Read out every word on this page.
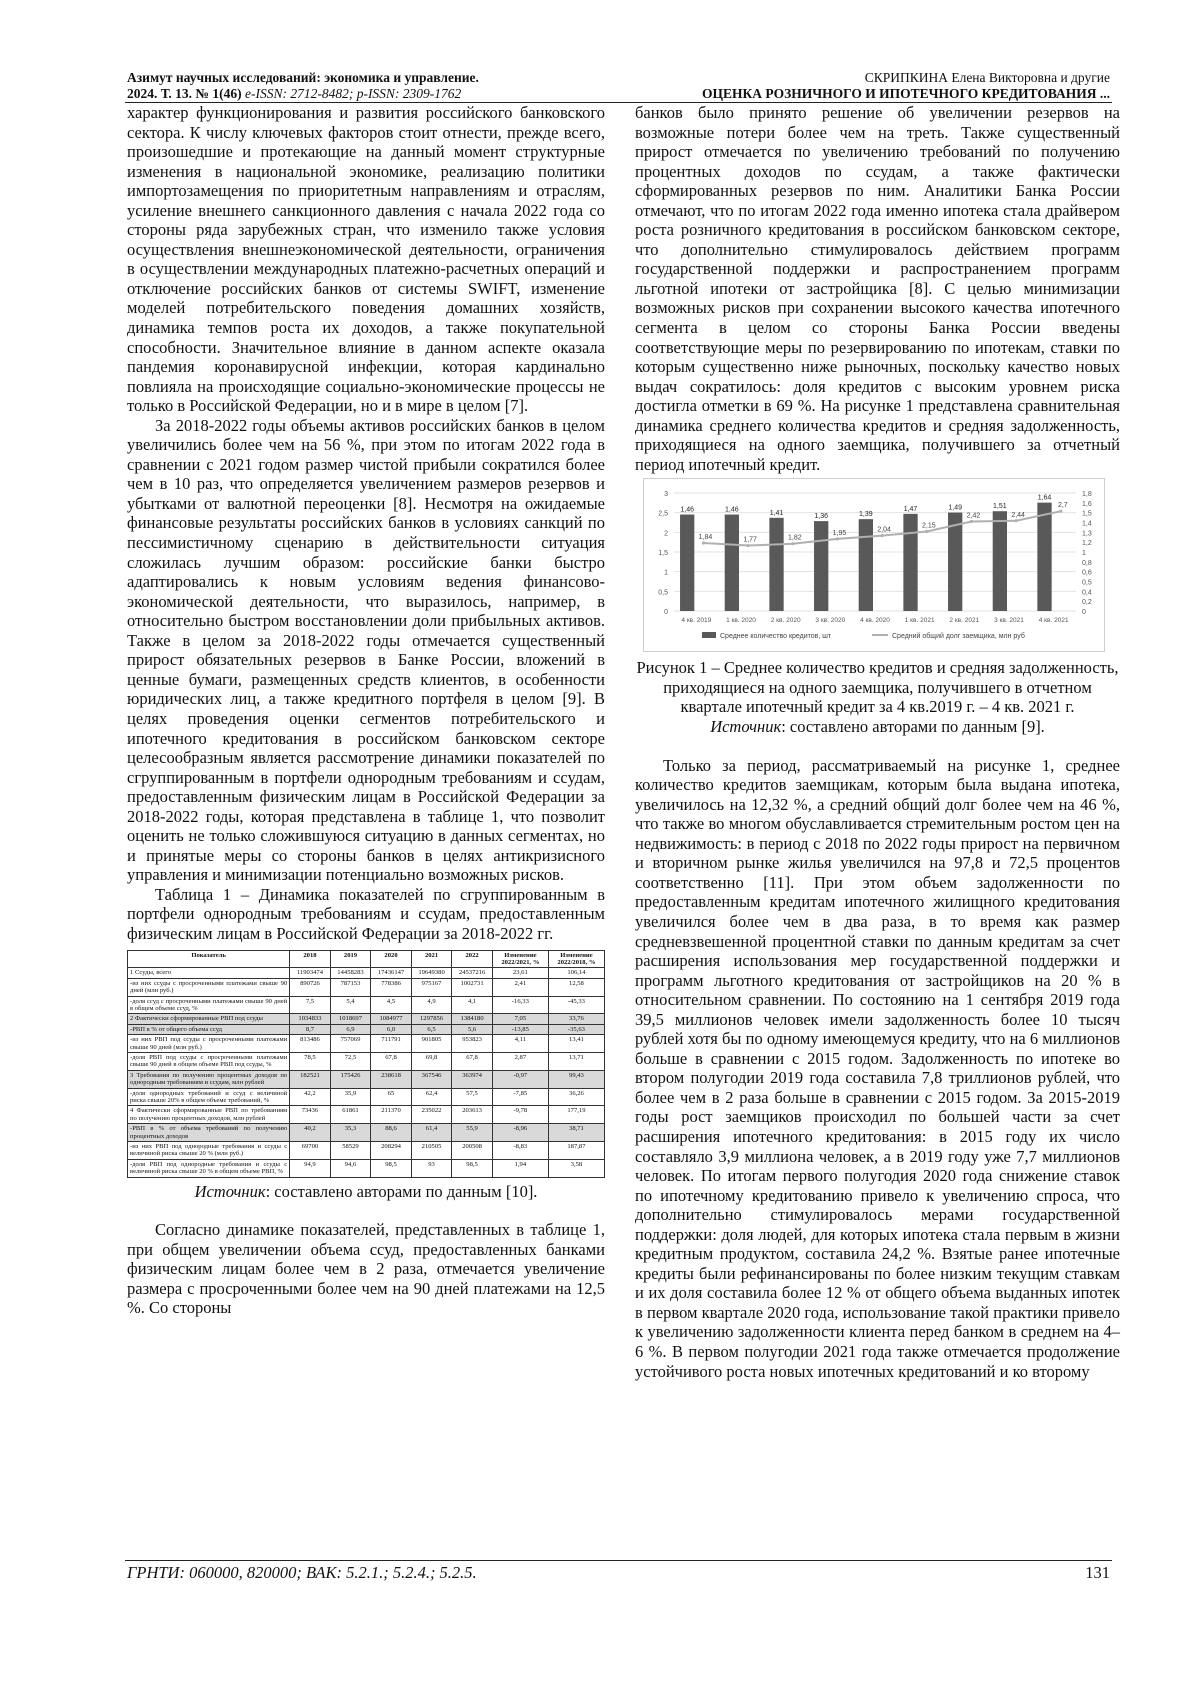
Азимут научных исследований: экономика и управление.
2024. Т. 13. № 1(46) e-ISSN: 2712-8482; p-ISSN: 2309-1762
СКРИПКИНА Елена Викторовна и другие
ОЦЕНКА РОЗНИЧНОГО И ИПОТЕЧНОГО КРЕДИТОВАНИЯ ...

характер функционирования и развития российского банковского сектора. К числу ключевых факторов стоит отнести, прежде всего, произошедшие и протекающие на данный момент структурные изменения в национальной экономике, реализацию политики импортозамещения по приоритетным направлениям и отраслям, усиление внешнего санкционного давления с начала 2022 года со стороны ряда зарубежных стран, что изменило также условия осуществления внешнеэкономической деятельности, ограничения в осуществлении международных платежно-расчетных операций и отключение российских банков от системы SWIFT, изменение моделей потребительского поведения домашних хозяйств, динамика темпов роста их доходов, а также покупательной способности. Значительное влияние в данном аспекте оказала пандемия коронавирусной инфекции, которая кардинально повлияла на происходящие социально-экономические процессы не только в Российской Федерации, но и в мире в целом [7].

За 2018-2022 годы объемы активов российских банков в целом увеличились более чем на 56 %, при этом по итогам 2022 года в сравнении с 2021 годом размер чистой прибыли сократился более чем в 10 раз, что определяется увеличением размеров резервов и убытками от валютной переоценки [8]. Несмотря на ожидаемые финансовые результаты российских банков в условиях санкций по пессимистичному сценарию в действительности ситуация сложилась лучшим образом: российские банки быстро адаптировались к новым условиям ведения финансово-экономической деятельности, что выразилось, например, в относительно быстром восстановлении доли прибыльных активов. Также в целом за 2018-2022 годы отмечается существенный прирост обязательных резервов в Банке России, вложений в ценные бумаги, размещенных средств клиентов, в особенности юридических лиц, а также кредитного портфеля в целом [9]. В целях проведения оценки сегментов потребительского и ипотечного кредитования в российском банковском секторе целесообразным является рассмотрение динамики показателей по сгруппированным в портфели однородным требованиям и ссудам, предоставленным физическим лицам в Российской Федерации за 2018-2022 годы, которая представлена в таблице 1, что позволит оценить не только сложившуюся ситуацию в данных сегментах, но и принятые меры со стороны банков в целях антикризисного управления и минимизации потенциально возможных рисков.

Таблица 1 – Динамика показателей по сгруппированным в портфели однородным требованиям и ссудам, предоставленным физическим лицам в Российской Федерации за 2018-2022 гг.

Показатель	2018	2019	2020	2021	2022	Изменение 2022/2021, %	Изменение 2022/2018, %
1 Ссуды, всего	11903474	14458283	17436147	19649380	24537216	23,61	106,14
-из них ссуды с просроченными платежами свыше 90 дней (млн руб.)	890726	787153	778386	975167	1002731	2,41	12,58
-доля ссуд с просроченными платежами свыше 90 дней в общем объеме ссуд, %	7,5	5,4	4,5	4,9	4,1	-16,33	-45,33
2 Фактически сформированные РВП под ссуды	1034833	1018697	1084977	1297856	1384180	7,05	33,76
-РВП в % от общего объема ссуд	8,7	6,9	6,0	6,5	5,6	-13,85	-35,63
-из них РВП под ссуды с просроченными платежами свыше 90 дней (млн руб.)	813486	757069	711791	901805	953823	4,11	13,41
-доля РВП под ссуды с просроченными платежами свыше 90 дней в общем объеме РВП под ссуды, %	78,5	72,5	67,8	69,8	67,8	2,87	13,71
3 Требования по получению процентных доходов по однородным требованиям и ссудам, млн рублей	182521	175426	238618	367546	363974	-0,97	99,43
-доля однородных требований и ссуд с величиной риска свыше 20% в общем объеме требований, %	42,2	35,9	65	62,4	57,5	-7,85	36,26
4 Фактически сформированные РВП по требованиям по получению процентных доходов, млн рублей	73436	61861	211370	235022	203613	-9,78	177,19
-РВП в % от объема требований по получению процентных доходов	40,2	35,3	88,6	61,4	55,9	-8,96	38,71
-из них РВП под однородные требования и ссуды с величиной риска свыше 20 % (млн руб.)	69700	58529	208294	210505	200508	-8,83	187,87
-доля РВП под однородные требования и ссуды с величиной риска свыше 20 % в общем объеме РВП, %	94,9	94,6	98,5	93	98,5	1,94	3,58

Источник: составлено авторами по данным [10].

Согласно динамике показателей, представленных в таблице 1, при общем увеличении объема ссуд, предоставленных банками физическим лицам более чем в 2 раза, отмечается увеличение размера с просроченными более чем на 90 дней платежами на 12,5 %. Со стороны

банков было принято решение об увеличении резервов на возможные потери более чем на треть. Также существенный прирост отмечается по увеличению требований по получению процентных доходов по ссудам, а также фактически сформированных резервов по ним. Аналитики Банка России отмечают, что по итогам 2022 года именно ипотека стала драйвером роста розничного кредитования в российском банковском секторе, что дополнительно стимулировалось действием программ государственной поддержки и распространением программ льготной ипотеки от застройщика [8]. С целью минимизации возможных рисков при сохранении высокого качества ипотечного сегмента в целом со стороны Банка России введены соответствующие меры по резервированию по ипотекам, ставки по которым существенно ниже рыночных, поскольку качество новых выдач сократилось: доля кредитов с высоким уровнем риска достигла отметки в 69 %. На рисунке 1 представлена сравнительная динамика среднего количества кредитов и средняя задолженность, приходящиеся на одного заемщика, получившего за отчетный период ипотечный кредит.

0
0,5
1
1,5
2
2,5
3
0
0,2
0,4
0,5
0,6
0,8
1
1,2
1,3
1,4
1,5
1,6
1,8
1,46
1,84
4 кв. 2019
1,46
1,77
1 кв. 2020
1,41
1,82
2 кв. 2020
1,36
1,95
3 кв. 2020
1,39
2,04
4 кв. 2020
1,47
2,15
1 кв. 2021
1,49
2,42
2 кв. 2021
1,51
2,44
3 кв. 2021
1,64
2,7
4 кв. 2021
Среднее количество кредитов, шт	Средний общий долг заемщика, млн руб

Рисунок 1 – Среднее количество кредитов и средняя задолженность, приходящиеся на одного заемщика, получившего в отчетном квартале ипотечный кредит за 4 кв.2019 г. – 4 кв. 2021 г.

Источник: составлено авторами по данным [9].

Только за период, рассматриваемый на рисунке 1, среднее количество кредитов заемщикам, которым была выдана ипотека, увеличилось на 12,32 %, а средний общий долг более чем на 46 %, что также во многом обуславливается стремительным ростом цен на недвижимость: в период с 2018 по 2022 годы прирост на первичном и вторичном рынке жилья увеличился на 97,8 и 72,5 процентов соответственно [11]. При этом объем задолженности по предоставленным кредитам ипотечного жилищного кредитования увеличился более чем в два раза, в то время как размер средневзвешенной процентной ставки по данным кредитам за счет расширения использования мер государственной поддержки и программ льготного кредитования от застройщиков на 20 % в относительном сравнении. По состоянию на 1 сентября 2019 года 39,5 миллионов человек имели задолженность более 10 тысяч рублей хотя бы по одному имеющемуся кредиту, что на 6 миллионов больше в сравнении с 2015 годом. Задолженность по ипотеке во втором полугодии 2019 года составила 7,8 триллионов рублей, что более чем в 2 раза больше в сравнении с 2015 годом. За 2015-2019 годы рост заемщиков происходил по большей части за счет расширения ипотечного кредитования: в 2015 году их число составляло 3,9 миллиона человек, а в 2019 году уже 7,7 миллионов человек. По итогам первого полугодия 2020 года снижение ставок по ипотечному кредитованию привело к увеличению спроса, что дополнительно стимулировалось мерами государственной поддержки: доля людей, для которых ипотека стала первым в жизни кредитным продуктом, составила 24,2 %. Взятые ранее ипотечные кредиты были рефинансированы по более низким текущим ставкам и их доля составила более 12 % от общего объема выданных ипотек в первом квартале 2020 года, использование такой практики привело к увеличению задолженности клиента перед банком в среднем на 4–6 %. В первом полугодии 2021 года также отмечается продолжение устойчивого роста новых ипотечных кредитований и ко второму

ГРНТИ: 060000, 820000; ВАК: 5.2.1.; 5.2.4.; 5.2.5.	131
